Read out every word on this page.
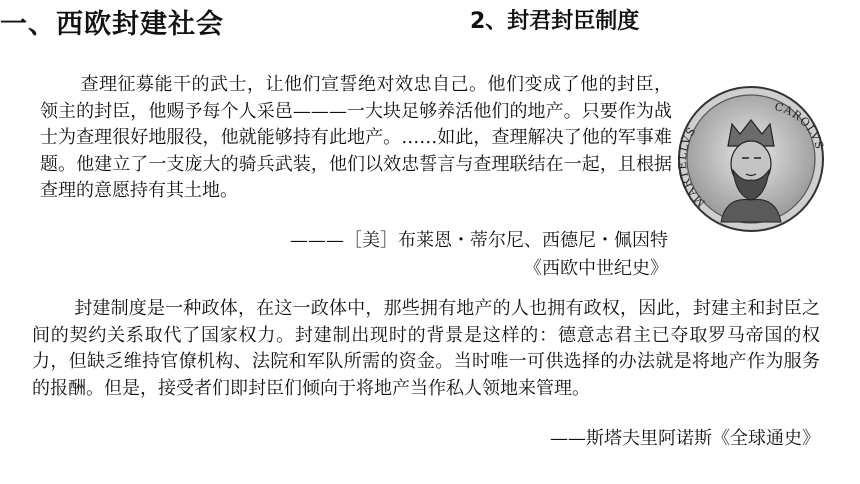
一、西欧封建社会	2、封君封臣制度

查理征募能干的武士，让他们宣誓绝对效忠自己。他们变成了他的封臣，领主的封臣，他赐予每个人采邑———一大块足够养活他们的地产。只要作为战士为查理很好地服役，他就能够持有此地产。……如此，查理解决了他的军事难题。他建立了一支庞大的骑兵武装，他们以效忠誓言与查理联结在一起，且根据查理的意愿持有其土地。

———［美］布莱恩・蒂尔尼、西德尼・佩因特
《西欧中世纪史》
MARTELLVS
CAROLVS

封建制度是一种政体，在这一政体中，那些拥有地产的人也拥有政权，因此，封建主和封臣之间的契约关系取代了国家权力。封建制出现时的背景是这样的：德意志君主已夺取罗马帝国的权力，但缺乏维持官僚机构、法院和军队所需的资金。当时唯一可供选择的办法就是将地产作为服务的报酬。但是，接受者们即封臣们倾向于将地产当作私人领地来管理。

——斯塔夫里阿诺斯《全球通史》
